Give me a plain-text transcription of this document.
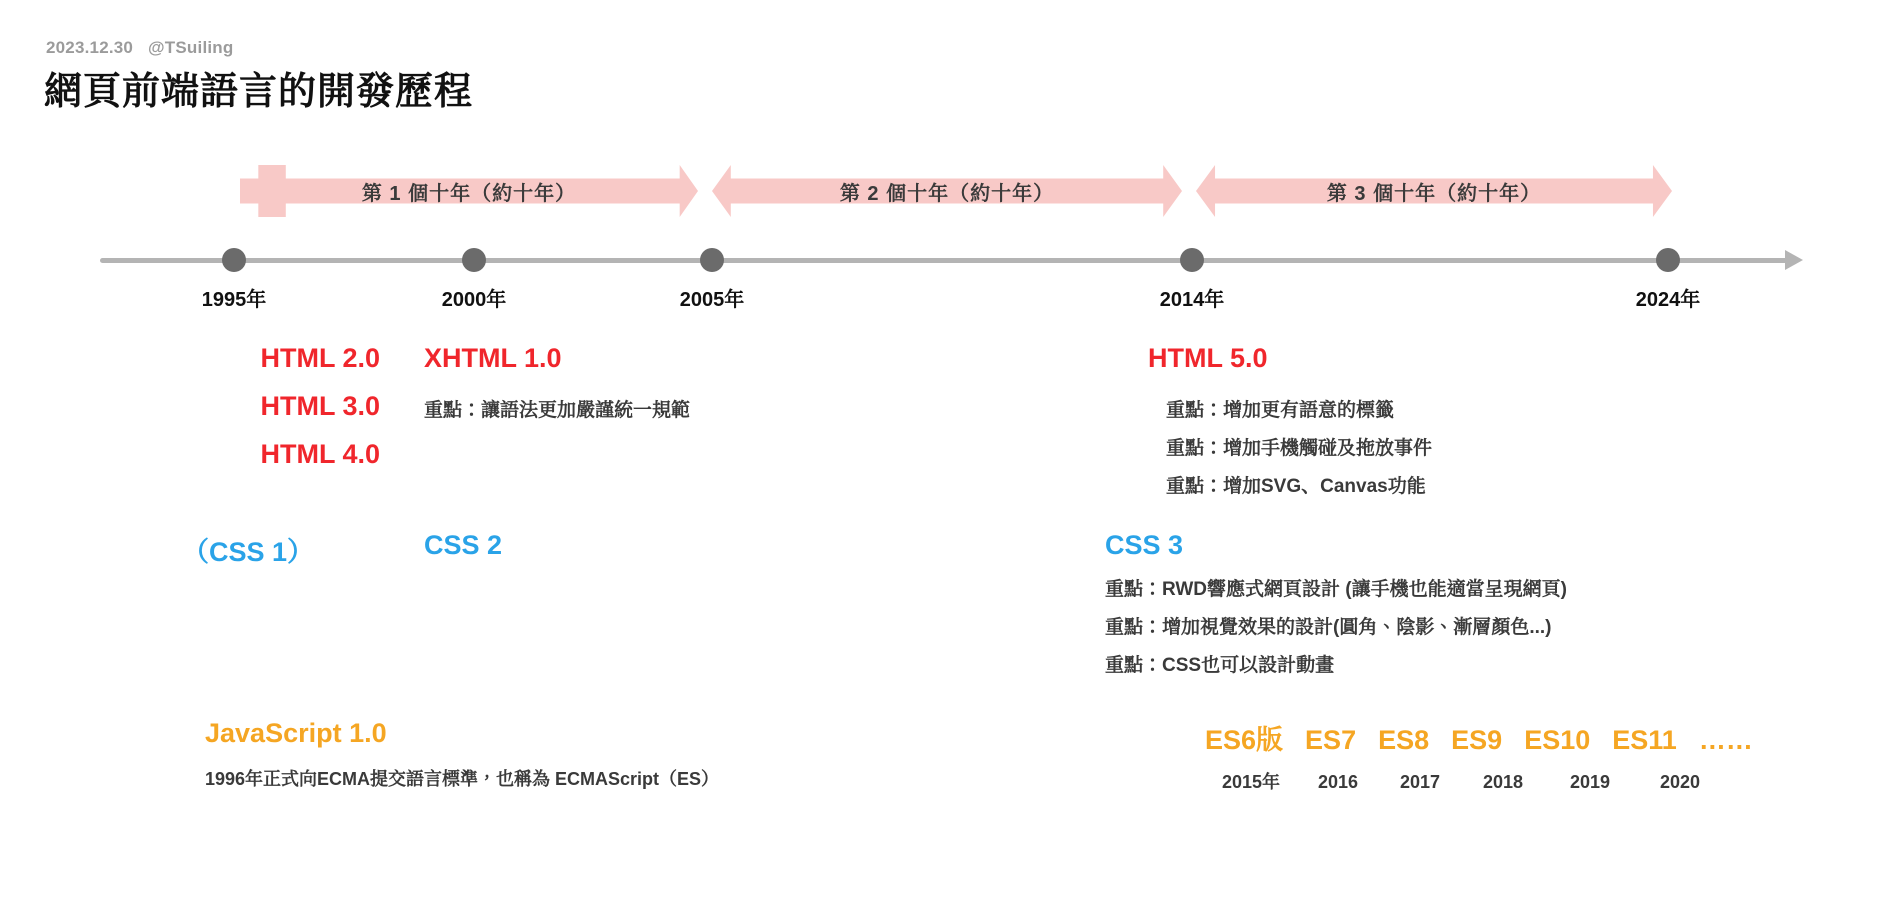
2023.12.30 @TSuiling
網頁前端語言的開發歷程
第 1 個十年（約十年）	第 2 個十年（約十年）	第 3 個十年（約十年）
1995年	2000年	2005年	2014年	2024年
HTML 2.0
HTML 3.0
HTML 4.0
XHTML 1.0
重點：讓語法更加嚴謹統一規範
HTML 5.0
重點：增加更有語意的標籤
重點：增加手機觸碰及拖放事件
重點：增加SVG、Canvas功能
（CSS 1）	CSS 2	CSS 3
重點：RWD響應式網頁設計 (讓手機也能適當呈現網頁)
重點：增加視覺效果的設計(圓角、陰影、漸層顏色...)
重點：CSS也可以設計動畫
JavaScript 1.0
1996年正式向ECMA提交語言標準，也稱為 ECMAScript（ES）
ES6版 ES7 ES8 ES9 ES10 ES11 ……
2015年	2016	2017	2018	2019	2020
